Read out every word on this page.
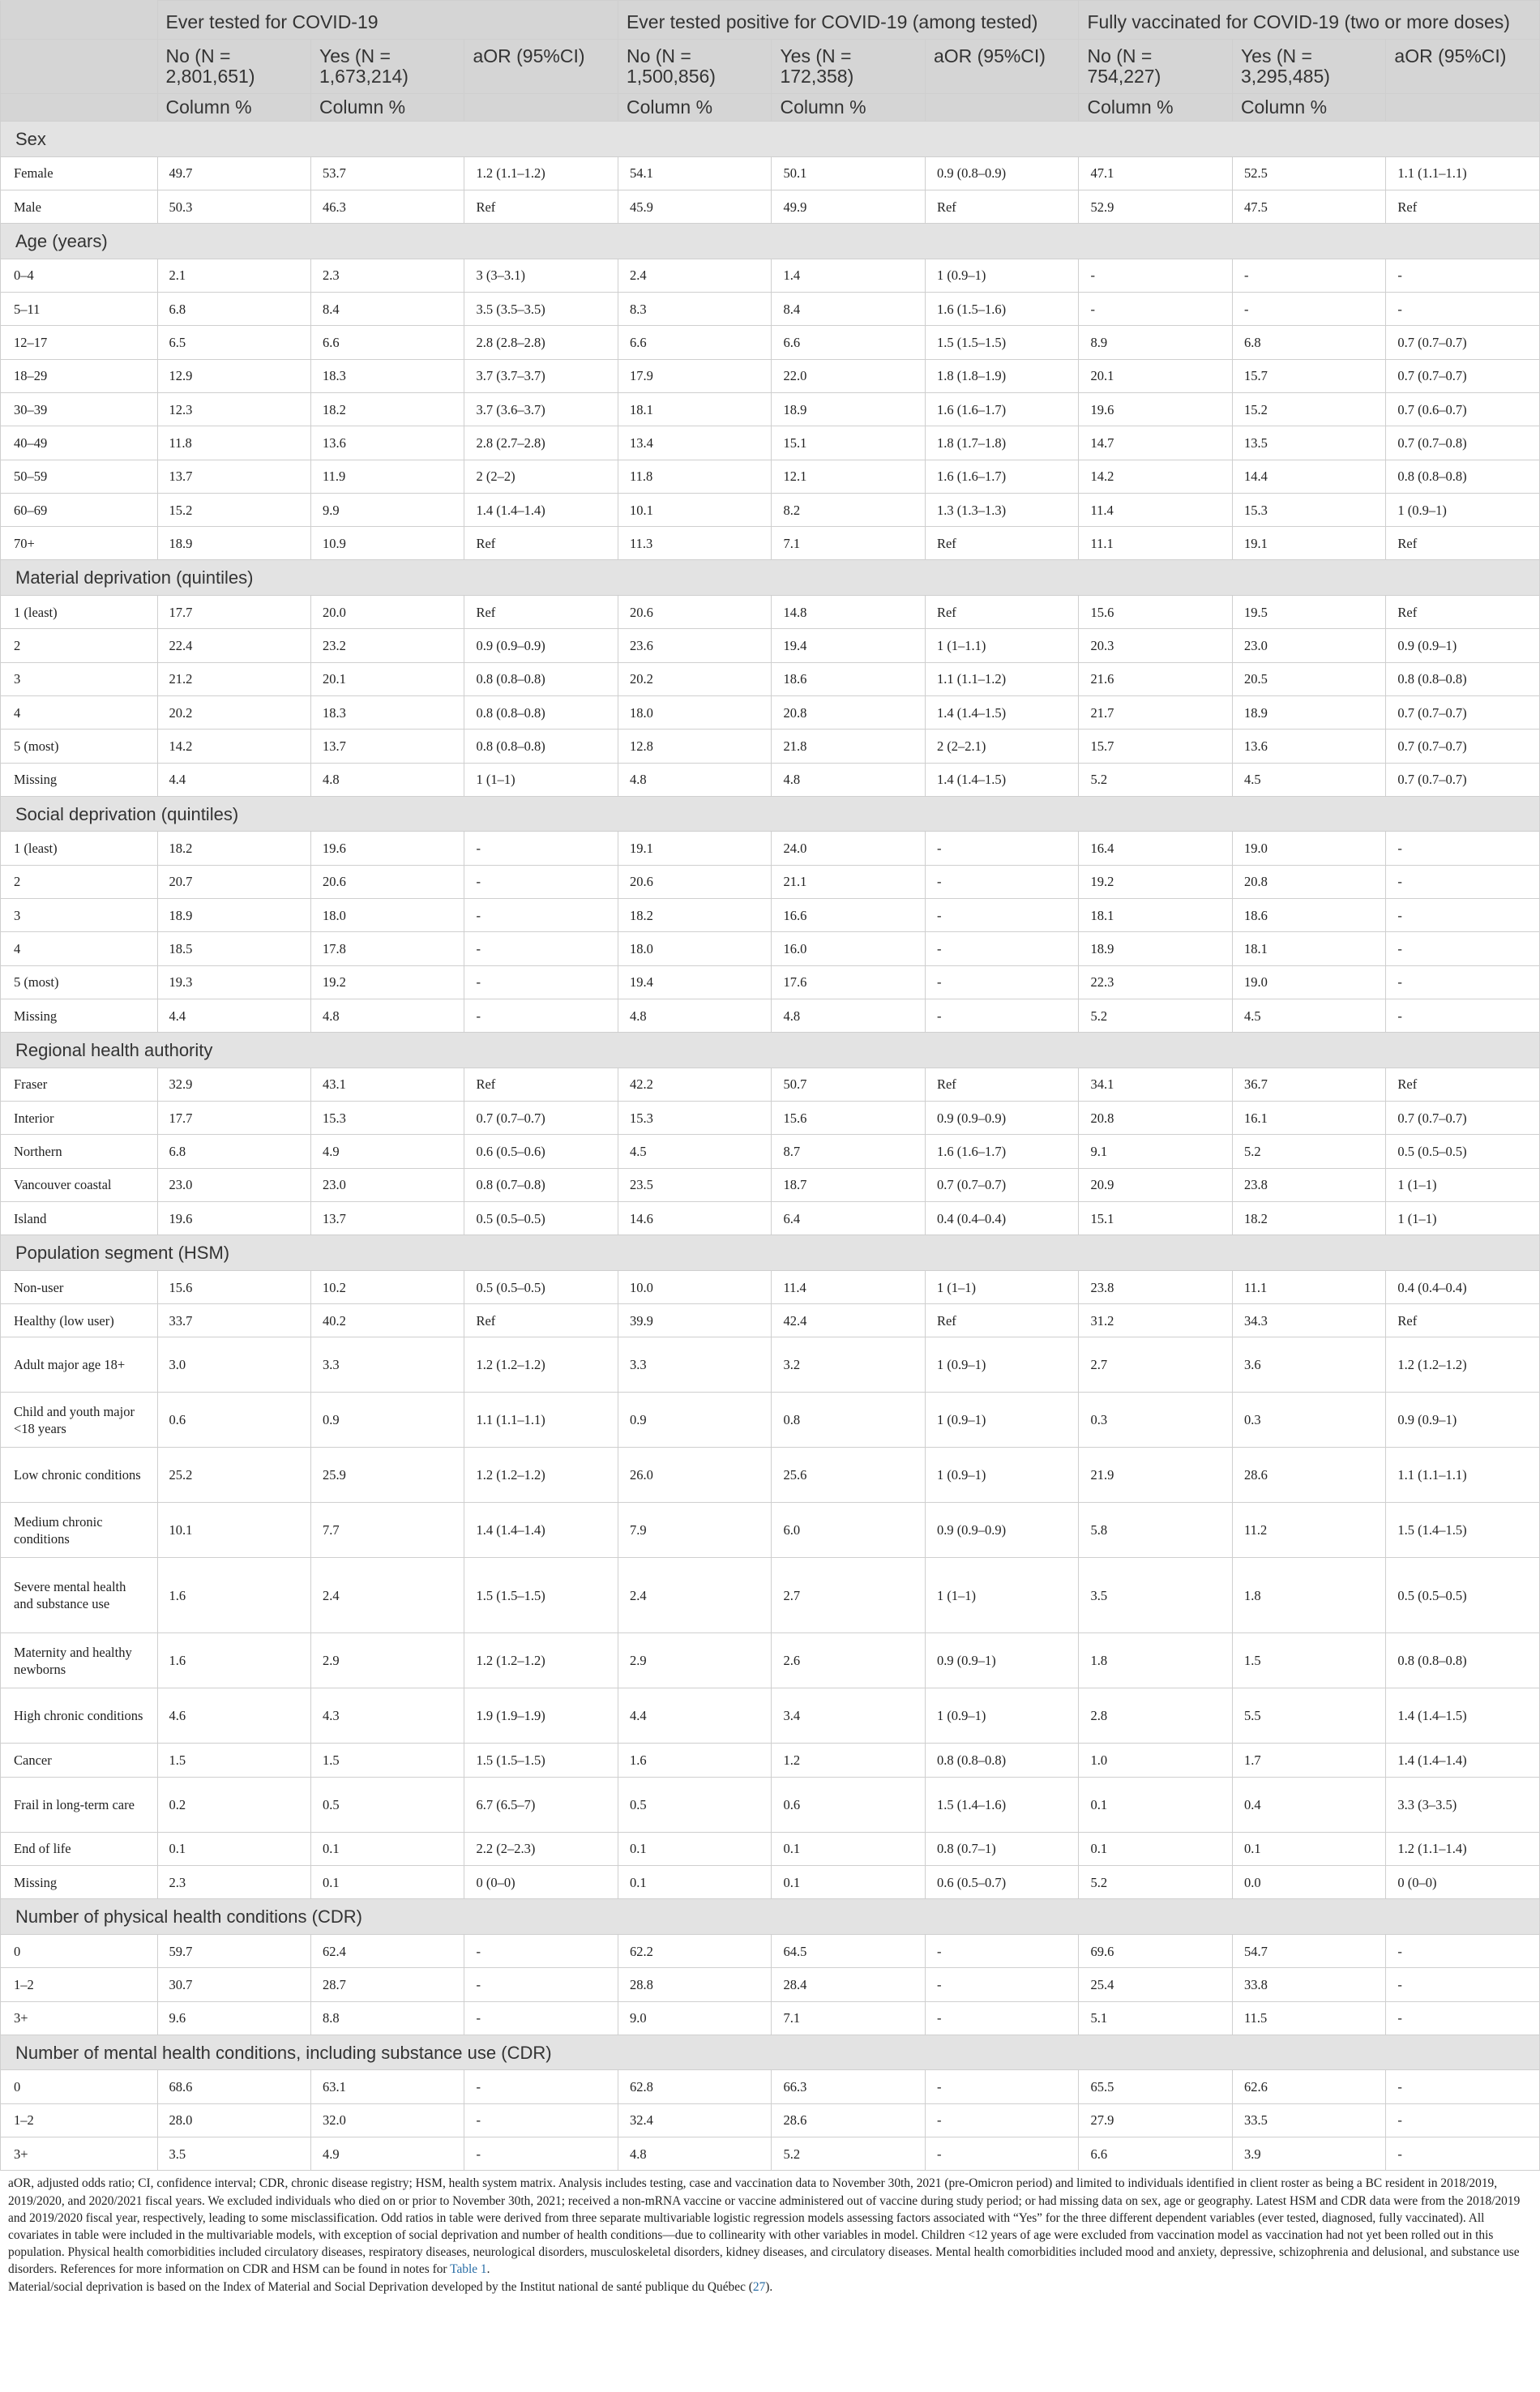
	Ever tested for COVID-19			Ever tested positive for COVID-19 (among tested)			Fully vaccinated for COVID-19 (two or more doses)		
	No (N = 2,801,651)	Yes (N = 1,673,214)	aOR (95%CI)	No (N = 1,500,856)	Yes (N = 172,358)	aOR (95%CI)	No (N = 754,227)	Yes (N = 3,295,485)	aOR (95%CI)
	Column %	Column %		Column %	Column %		Column %	Column %	
Sex									
Female	49.7	53.7	1.2 (1.1–1.2)	54.1	50.1	0.9 (0.8–0.9)	47.1	52.5	1.1 (1.1–1.1)
Male	50.3	46.3	Ref	45.9	49.9	Ref	52.9	47.5	Ref
Age (years)									
0–4	2.1	2.3	3 (3–3.1)	2.4	1.4	1 (0.9–1)	-	-	-
5–11	6.8	8.4	3.5 (3.5–3.5)	8.3	8.4	1.6 (1.5–1.6)	-	-	-
12–17	6.5	6.6	2.8 (2.8–2.8)	6.6	6.6	1.5 (1.5–1.5)	8.9	6.8	0.7 (0.7–0.7)
18–29	12.9	18.3	3.7 (3.7–3.7)	17.9	22.0	1.8 (1.8–1.9)	20.1	15.7	0.7 (0.7–0.7)
30–39	12.3	18.2	3.7 (3.6–3.7)	18.1	18.9	1.6 (1.6–1.7)	19.6	15.2	0.7 (0.6–0.7)
40–49	11.8	13.6	2.8 (2.7–2.8)	13.4	15.1	1.8 (1.7–1.8)	14.7	13.5	0.7 (0.7–0.8)
50–59	13.7	11.9	2 (2–2)	11.8	12.1	1.6 (1.6–1.7)	14.2	14.4	0.8 (0.8–0.8)
60–69	15.2	9.9	1.4 (1.4–1.4)	10.1	8.2	1.3 (1.3–1.3)	11.4	15.3	1 (0.9–1)
70+	18.9	10.9	Ref	11.3	7.1	Ref	11.1	19.1	Ref
Material deprivation (quintiles)									
1 (least)	17.7	20.0	Ref	20.6	14.8	Ref	15.6	19.5	Ref
2	22.4	23.2	0.9 (0.9–0.9)	23.6	19.4	1 (1–1.1)	20.3	23.0	0.9 (0.9–1)
3	21.2	20.1	0.8 (0.8–0.8)	20.2	18.6	1.1 (1.1–1.2)	21.6	20.5	0.8 (0.8–0.8)
4	20.2	18.3	0.8 (0.8–0.8)	18.0	20.8	1.4 (1.4–1.5)	21.7	18.9	0.7 (0.7–0.7)
5 (most)	14.2	13.7	0.8 (0.8–0.8)	12.8	21.8	2 (2–2.1)	15.7	13.6	0.7 (0.7–0.7)
Missing	4.4	4.8	1 (1–1)	4.8	4.8	1.4 (1.4–1.5)	5.2	4.5	0.7 (0.7–0.7)
Social deprivation (quintiles)									
1 (least)	18.2	19.6	-	19.1	24.0	-	16.4	19.0	-
2	20.7	20.6	-	20.6	21.1	-	19.2	20.8	-
3	18.9	18.0	-	18.2	16.6	-	18.1	18.6	-
4	18.5	17.8	-	18.0	16.0	-	18.9	18.1	-
5 (most)	19.3	19.2	-	19.4	17.6	-	22.3	19.0	-
Missing	4.4	4.8	-	4.8	4.8	-	5.2	4.5	-
Regional health authority									
Fraser	32.9	43.1	Ref	42.2	50.7	Ref	34.1	36.7	Ref
Interior	17.7	15.3	0.7 (0.7–0.7)	15.3	15.6	0.9 (0.9–0.9)	20.8	16.1	0.7 (0.7–0.7)
Northern	6.8	4.9	0.6 (0.5–0.6)	4.5	8.7	1.6 (1.6–1.7)	9.1	5.2	0.5 (0.5–0.5)
Vancouver coastal	23.0	23.0	0.8 (0.7–0.8)	23.5	18.7	0.7 (0.7–0.7)	20.9	23.8	1 (1–1)
Island	19.6	13.7	0.5 (0.5–0.5)	14.6	6.4	0.4 (0.4–0.4)	15.1	18.2	1 (1–1)
Population segment (HSM)									
Non-user	15.6	10.2	0.5 (0.5–0.5)	10.0	11.4	1 (1–1)	23.8	11.1	0.4 (0.4–0.4)
Healthy (low user)	33.7	40.2	Ref	39.9	42.4	Ref	31.2	34.3	Ref
Adult major age 18+	3.0	3.3	1.2 (1.2–1.2)	3.3	3.2	1 (0.9–1)	2.7	3.6	1.2 (1.2–1.2)
Child and youth major <18 years	0.6	0.9	1.1 (1.1–1.1)	0.9	0.8	1 (0.9–1)	0.3	0.3	0.9 (0.9–1)
Low chronic conditions	25.2	25.9	1.2 (1.2–1.2)	26.0	25.6	1 (0.9–1)	21.9	28.6	1.1 (1.1–1.1)
Medium chronic conditions	10.1	7.7	1.4 (1.4–1.4)	7.9	6.0	0.9 (0.9–0.9)	5.8	11.2	1.5 (1.4–1.5)
Severe mental health and substance use	1.6	2.4	1.5 (1.5–1.5)	2.4	2.7	1 (1–1)	3.5	1.8	0.5 (0.5–0.5)
Maternity and healthy newborns	1.6	2.9	1.2 (1.2–1.2)	2.9	2.6	0.9 (0.9–1)	1.8	1.5	0.8 (0.8–0.8)
High chronic conditions	4.6	4.3	1.9 (1.9–1.9)	4.4	3.4	1 (0.9–1)	2.8	5.5	1.4 (1.4–1.5)
Cancer	1.5	1.5	1.5 (1.5–1.5)	1.6	1.2	0.8 (0.8–0.8)	1.0	1.7	1.4 (1.4–1.4)
Frail in long-term care	0.2	0.5	6.7 (6.5–7)	0.5	0.6	1.5 (1.4–1.6)	0.1	0.4	3.3 (3–3.5)
End of life	0.1	0.1	2.2 (2–2.3)	0.1	0.1	0.8 (0.7–1)	0.1	0.1	1.2 (1.1–1.4)
Missing	2.3	0.1	0 (0–0)	0.1	0.1	0.6 (0.5–0.7)	5.2	0.0	0 (0–0)
Number of physical health conditions (CDR)									
0	59.7	62.4	-	62.2	64.5	-	69.6	54.7	-
1–2	30.7	28.7	-	28.8	28.4	-	25.4	33.8	-
3+	9.6	8.8	-	9.0	7.1	-	5.1	11.5	-
Number of mental health conditions, including substance use (CDR)									
0	68.6	63.1	-	62.8	66.3	-	65.5	62.6	-
1–2	28.0	32.0	-	32.4	28.6	-	27.9	33.5	-
3+	3.5	4.9	-	4.8	5.2	-	6.6	3.9	-

aOR, adjusted odds ratio; CI, confidence interval; CDR, chronic disease registry; HSM, health system matrix. Analysis includes testing, case and vaccination data to November 30th, 2021 (pre-Omicron period) and limited to individuals identified in client roster as being a BC resident in 2018/2019, 2019/2020, and 2020/2021 fiscal years. We excluded individuals who died on or prior to November 30th, 2021; received a non-mRNA vaccine or vaccine administered out of vaccine during study period; or had missing data on sex, age or geography. Latest HSM and CDR data were from the 2018/2019 and 2019/2020 fiscal year, respectively, leading to some misclassification. Odd ratios in table were derived from three separate multivariable logistic regression models assessing factors associated with “Yes” for the three different dependent variables (ever tested, diagnosed, fully vaccinated). All covariates in table were included in the multivariable models, with exception of social deprivation and number of health conditions—due to collinearity with other variables in model. Children <12 years of age were excluded from vaccination model as vaccination had not yet been rolled out in this population. Physical health comorbidities included circulatory diseases, respiratory diseases, neurological disorders, musculoskeletal disorders, kidney diseases, and circulatory diseases. Mental health comorbidities included mood and anxiety, depressive, schizophrenia and delusional, and substance use disorders. References for more information on CDR and HSM can be found in notes for Table 1.

Material/social deprivation is based on the Index of Material and Social Deprivation developed by the Institut national de santé publique du Québec (27).
